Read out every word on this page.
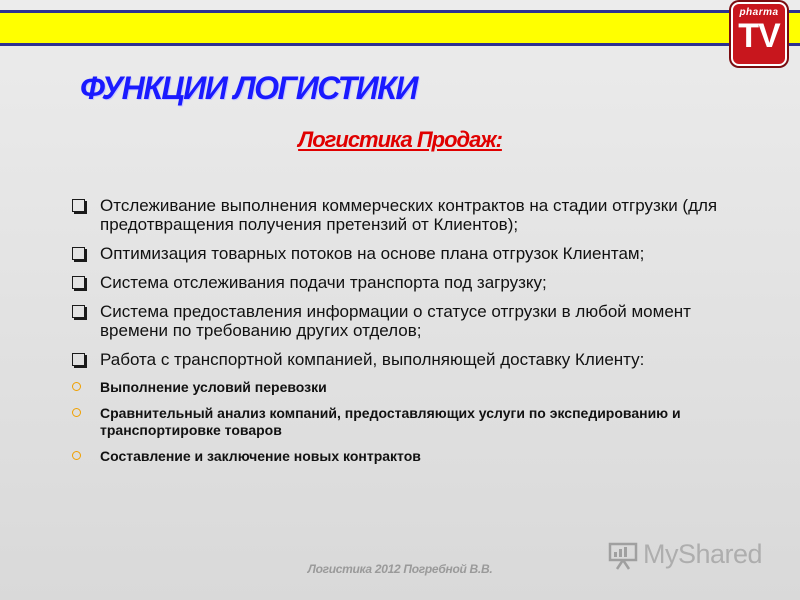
pharma
TV
ФУНКЦИИ ЛОГИСТИКИ
Логистика Продаж:
Отслеживание выполнения коммерческих контрактов на стадии отгрузки (для предотвращения получения претензий от Клиентов);
Оптимизация товарных потоков на основе плана отгрузок Клиентам;
Система отслеживания подачи транспорта под загрузку;
Система предоставления информации о статусе отгрузки в любой момент времени по требованию других отделов;
Работа с транспортной компанией, выполняющей доставку Клиенту:
Выполнение условий перевозки
Сравнительный анализ компаний, предоставляющих услуги по экспедированию и транспортировке товаров
Составление и заключение новых контрактов
MyShared
Логистика 2012 Погребной В.В.
